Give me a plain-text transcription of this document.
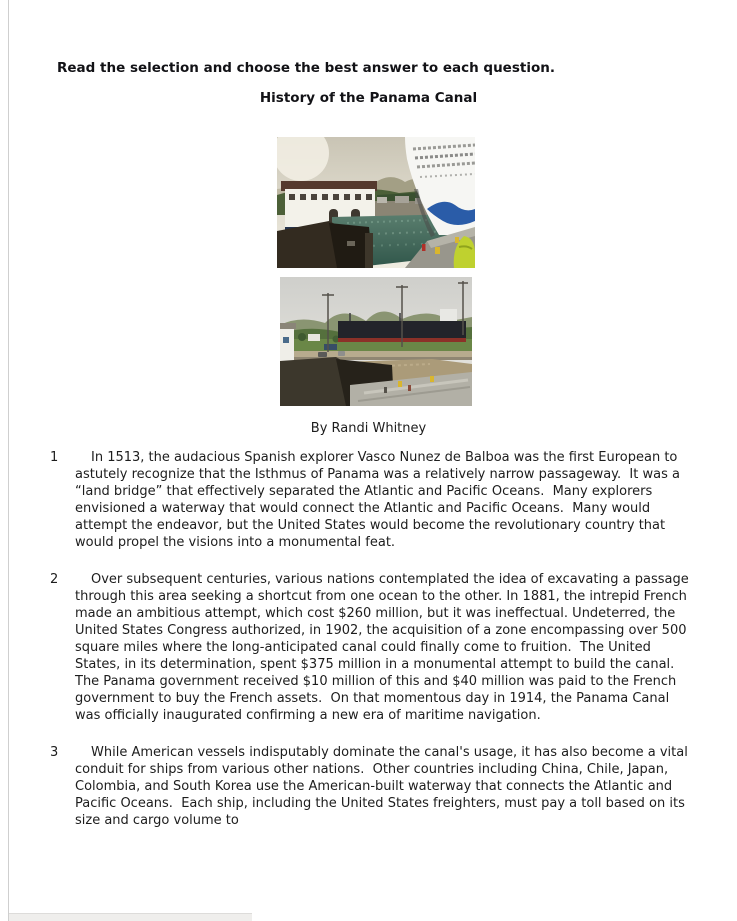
Read the selection and choose the best answer to each question.

History of the Panama Canal

By Randi Whitney

1	In 1513, the audacious Spanish explorer Vasco Nunez de Balboa was the first European to astutely recognize that the Isthmus of Panama was a relatively narrow passageway.  It was a “land bridge” that effectively separated the Atlantic and Pacific Oceans.  Many explorers envisioned a waterway that would connect the Atlantic and Pacific Oceans.  Many would attempt the endeavor, but the United States would become the revolutionary country that would propel the visions into a monumental feat.

2	Over subsequent centuries, various nations contemplated the idea of excavating a passage through this area seeking a shortcut from one ocean to the other. In 1881, the intrepid French made an ambitious attempt, which cost $260 million, but it was ineffectual. Undeterred, the United States Congress authorized, in 1902, the acquisition of a zone encompassing over 500 square miles where the long-anticipated canal could finally come to fruition.  The United States, in its determination, spent $375 million in a monumental attempt to build the canal.  The Panama government received $10 million of this and $40 million was paid to the French government to buy the French assets.  On that momentous day in 1914, the Panama Canal was officially inaugurated confirming a new era of maritime navigation.

3	While American vessels indisputably dominate the canal's usage, it has also become a vital conduit for ships from various other nations.  Other countries including China, Chile, Japan, Colombia, and South Korea use the American-built waterway that connects the Atlantic and Pacific Oceans.  Each ship, including the United States freighters, must pay a toll based on its size and cargo volume to
